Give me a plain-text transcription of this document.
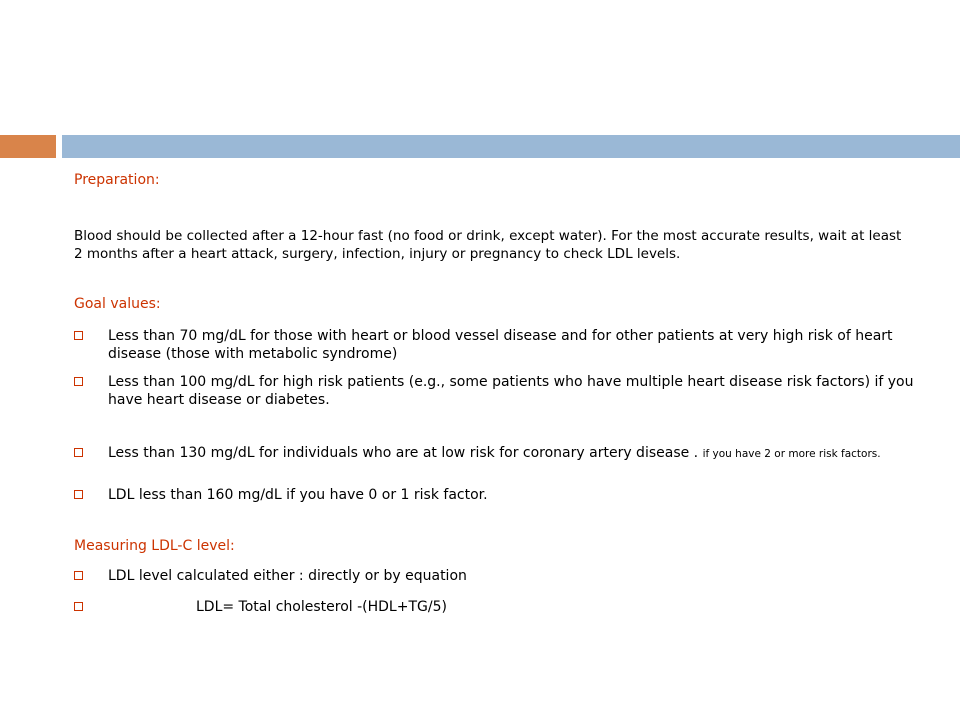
Preparation:
Blood should be collected after a 12-hour fast (no food or drink, except water). For the most accurate results, wait at least 2 months after a heart attack, surgery, infection, injury or pregnancy to check LDL levels.
Goal values:
Less than 70 mg/dL for those with heart or blood vessel disease and for other patients at very high risk of heart disease (those with metabolic syndrome)
Less than 100 mg/dL for high risk patients (e.g., some patients who have multiple heart disease risk factors) if you have heart disease or diabetes.
Less than 130 mg/dL for individuals who are at low risk for coronary artery disease . if you have 2 or more risk factors.
LDL less than 160 mg/dL if you have 0 or 1 risk factor.
Measuring LDL-C level:
LDL level calculated either : directly or by equation
LDL= Total cholesterol -(HDL+TG/5)
